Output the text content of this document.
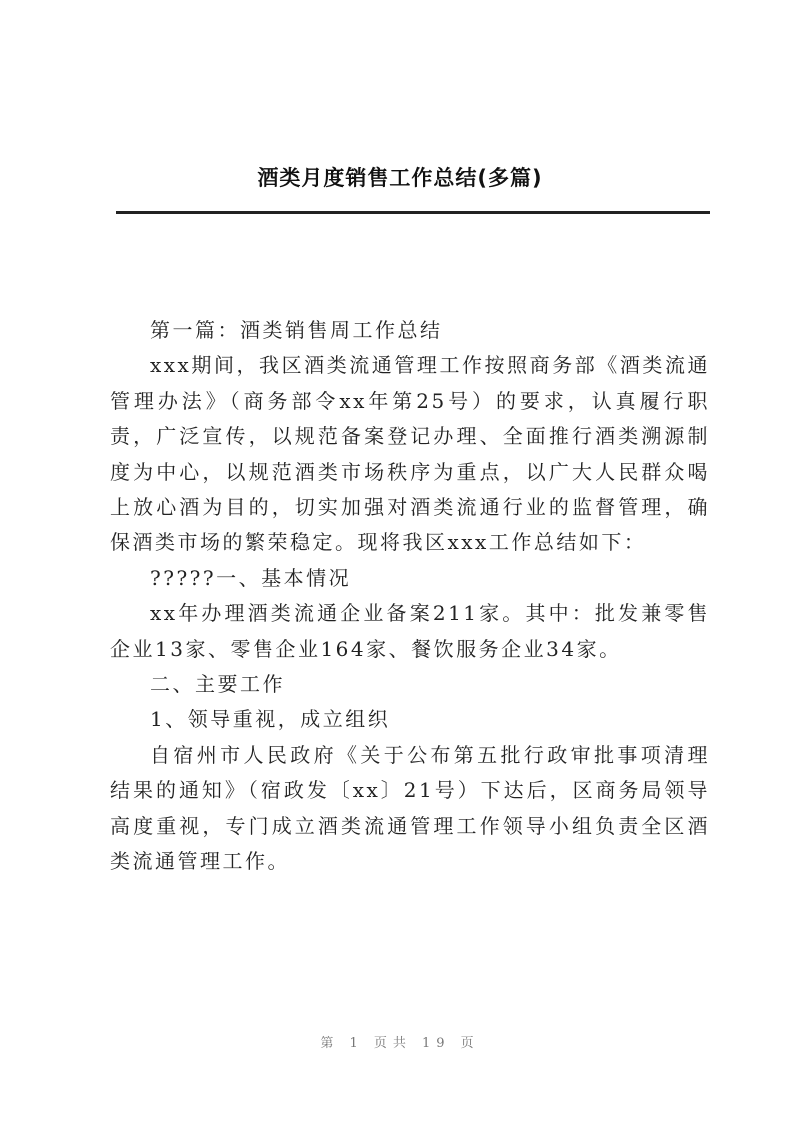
酒类月度销售工作总结(多篇)

第一篇：酒类销售周工作总结

xxx期间，我区酒类流通管理工作按照商务部《酒类流通管理办法》（商务部令xx年第25号）的要求，认真履行职责，广泛宣传，以规范备案登记办理、全面推行酒类溯源制度为中心，以规范酒类市场秩序为重点，以广大人民群众喝上放心酒为目的，切实加强对酒类流通行业的监督管理，确保酒类市场的繁荣稳定。现将我区xxx工作总结如下：

?????一、基本情况

xx年办理酒类流通企业备案211家。其中：批发兼零售企业13家、零售企业164家、餐饮服务企业34家。

二、主要工作

1、领导重视，成立组织

自宿州市人民政府《关于公布第五批行政审批事项清理结果的通知》（宿政发〔xx〕21号）下达后，区商务局领导高度重视，专门成立酒类流通管理工作领导小组负责全区酒类流通管理工作。

第 1 页共 19 页
